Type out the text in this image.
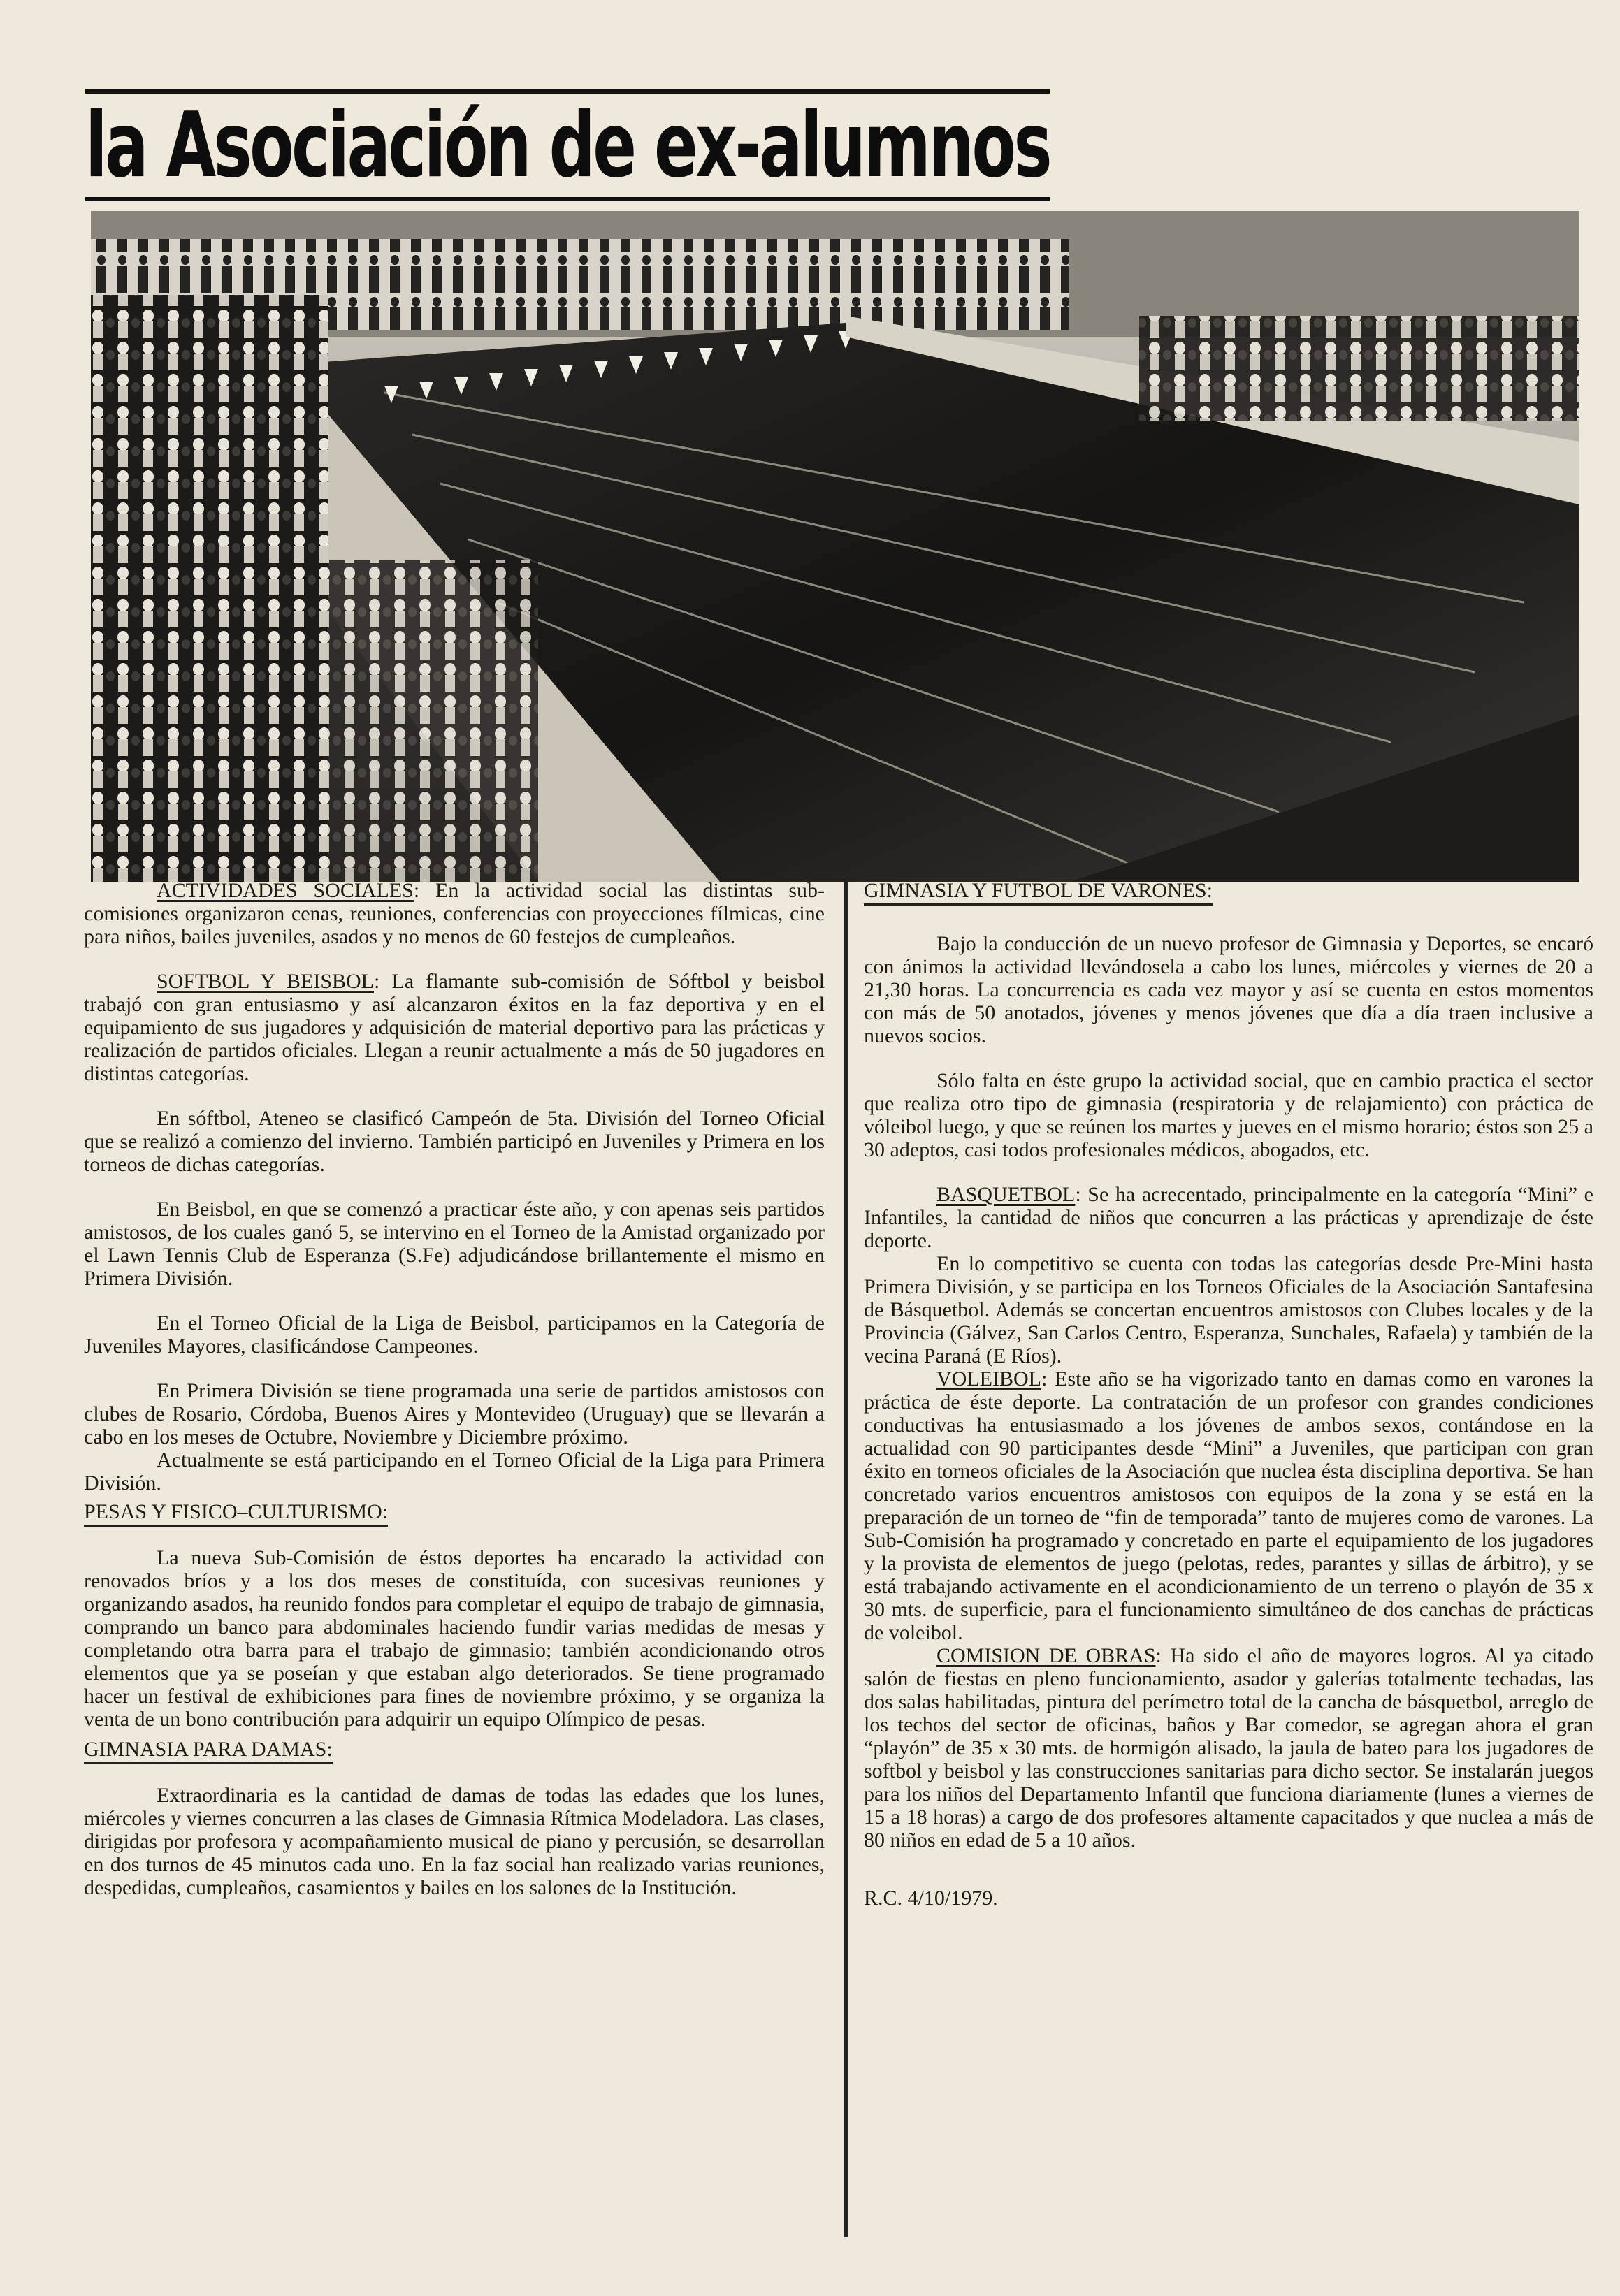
la Asociación de ex-alumnos

ACTIVIDADES SOCIALES: En la actividad social las distintas sub-comisiones organizaron cenas, reuniones, conferencias con proyecciones fílmicas, cine para niños, bailes juveniles, asados y no menos de 60 festejos de cumpleaños.

SOFTBOL Y BEISBOL: La flamante sub-comisión de Sóftbol y beisbol trabajó con gran entusiasmo y así alcanzaron éxitos en la faz deportiva y en el equipamiento de sus jugadores y adquisición de material deportivo para las prácticas y realización de partidos oficiales. Llegan a reunir actualmente a más de 50 jugadores en distintas categorías.

En sóftbol, Ateneo se clasificó Campeón de 5ta. División del Torneo Oficial que se realizó a comienzo del invierno. También participó en Juveniles y Primera en los torneos de dichas categorías.

En Beisbol, en que se comenzó a practicar éste año, y con apenas seis partidos amistosos, de los cuales ganó 5, se intervino en el Torneo de la Amistad organizado por el Lawn Tennis Club de Esperanza (S.Fe) adjudicándose brillantemente el mismo en Primera División.

En el Torneo Oficial de la Liga de Beisbol, participamos en la Categoría de Juveniles Mayores, clasificándose Campeones.

En Primera División se tiene programada una serie de partidos amistosos con clubes de Rosario, Córdoba, Buenos Aires y Montevideo (Uruguay) que se llevarán a cabo en los meses de Octubre, Noviembre y Diciembre próximo.

Actualmente se está participando en el Torneo Oficial de la Liga para Primera División.

PESAS Y FISICO–CULTURISMO:

La nueva Sub-Comisión de éstos deportes ha encarado la actividad con renovados bríos y a los dos meses de constituída, con sucesivas reuniones y organizando asados, ha reunido fondos para completar el equipo de trabajo de gimnasia, comprando un banco para abdominales haciendo fundir varias medidas de mesas y completando otra barra para el trabajo de gimnasio; también acondicionando otros elementos que ya se poseían y que estaban algo deteriorados. Se tiene programado hacer un festival de exhibiciones para fines de noviembre próximo, y se organiza la venta de un bono contribución para adquirir un equipo Olímpico de pesas.

GIMNASIA PARA DAMAS:

Extraordinaria es la cantidad de damas de todas las edades que los lunes, miércoles y viernes concurren a las clases de Gimnasia Rítmica Modeladora. Las clases, dirigidas por profesora y acompañamiento musical de piano y percusión, se desarrollan en dos turnos de 45 minutos cada uno. En la faz social han realizado varias reuniones, despedidas, cumpleaños, casamientos y bailes en los salones de la Institución.

GIMNASIA Y FUTBOL DE VARONES:

Bajo la conducción de un nuevo profesor de Gimnasia y Deportes, se encaró con ánimos la actividad llevándosela a cabo los lunes, miércoles y viernes de 20 a 21,30 horas. La concurrencia es cada vez mayor y así se cuenta en estos momentos con más de 50 anotados, jóvenes y menos jóvenes que día a día traen inclusive a nuevos socios.

Sólo falta en éste grupo la actividad social, que en cambio practica el sector que realiza otro tipo de gimnasia (respiratoria y de relajamiento) con práctica de vóleibol luego, y que se reúnen los martes y jueves en el mismo horario; éstos son 25 a 30 adeptos, casi todos profesionales médicos, abogados, etc.

BASQUETBOL: Se ha acrecentado, principalmente en la categoría “Mini” e Infantiles, la cantidad de niños que concurren a las prácticas y aprendizaje de éste deporte.

En lo competitivo se cuenta con todas las categorías desde Pre-Mini hasta Primera División, y se participa en los Torneos Oficiales de la Asociación Santafesina de Básquetbol. Además se concertan encuentros amistosos con Clubes locales y de la Provincia (Gálvez, San Carlos Centro, Esperanza, Sunchales, Rafaela) y también de la vecina Paraná (E Ríos).

VOLEIBOL: Este año se ha vigorizado tanto en damas como en varones la práctica de éste deporte. La contratación de un profesor con grandes condiciones conductivas ha entusiasmado a los jóvenes de ambos sexos, contándose en la actualidad con 90 participantes desde “Mini” a Juveniles, que participan con gran éxito en torneos oficiales de la Asociación que nuclea ésta disciplina deportiva. Se han concretado varios encuentros amistosos con equipos de la zona y se está en la preparación de un torneo de “fin de temporada” tanto de mujeres como de varones. La Sub-Comisión ha programado y concretado en parte el equipamiento de los jugadores y la provista de elementos de juego (pelotas, redes, parantes y sillas de árbitro), y se está trabajando activamente en el acondicionamiento de un terreno o playón de 35 x 30 mts. de superficie, para el funcionamiento simultáneo de dos canchas de prácticas de voleibol.

COMISION DE OBRAS: Ha sido el año de mayores logros. Al ya citado salón de fiestas en pleno funcionamiento, asador y galerías totalmente techadas, las dos salas habilitadas, pintura del perímetro total de la cancha de básquetbol, arreglo de los techos del sector de oficinas, baños y Bar comedor, se agregan ahora el gran “playón” de 35 x 30 mts. de hormigón alisado, la jaula de bateo para los jugadores de softbol y beisbol y las construcciones sanitarias para dicho sector. Se instalarán juegos para los niños del Departamento Infantil que funciona diariamente (lunes a viernes de 15 a 18 horas) a cargo de dos profesores altamente capacitados y que nuclea a más de 80 niños en edad de 5 a 10 años.

R.C. 4/10/1979.
